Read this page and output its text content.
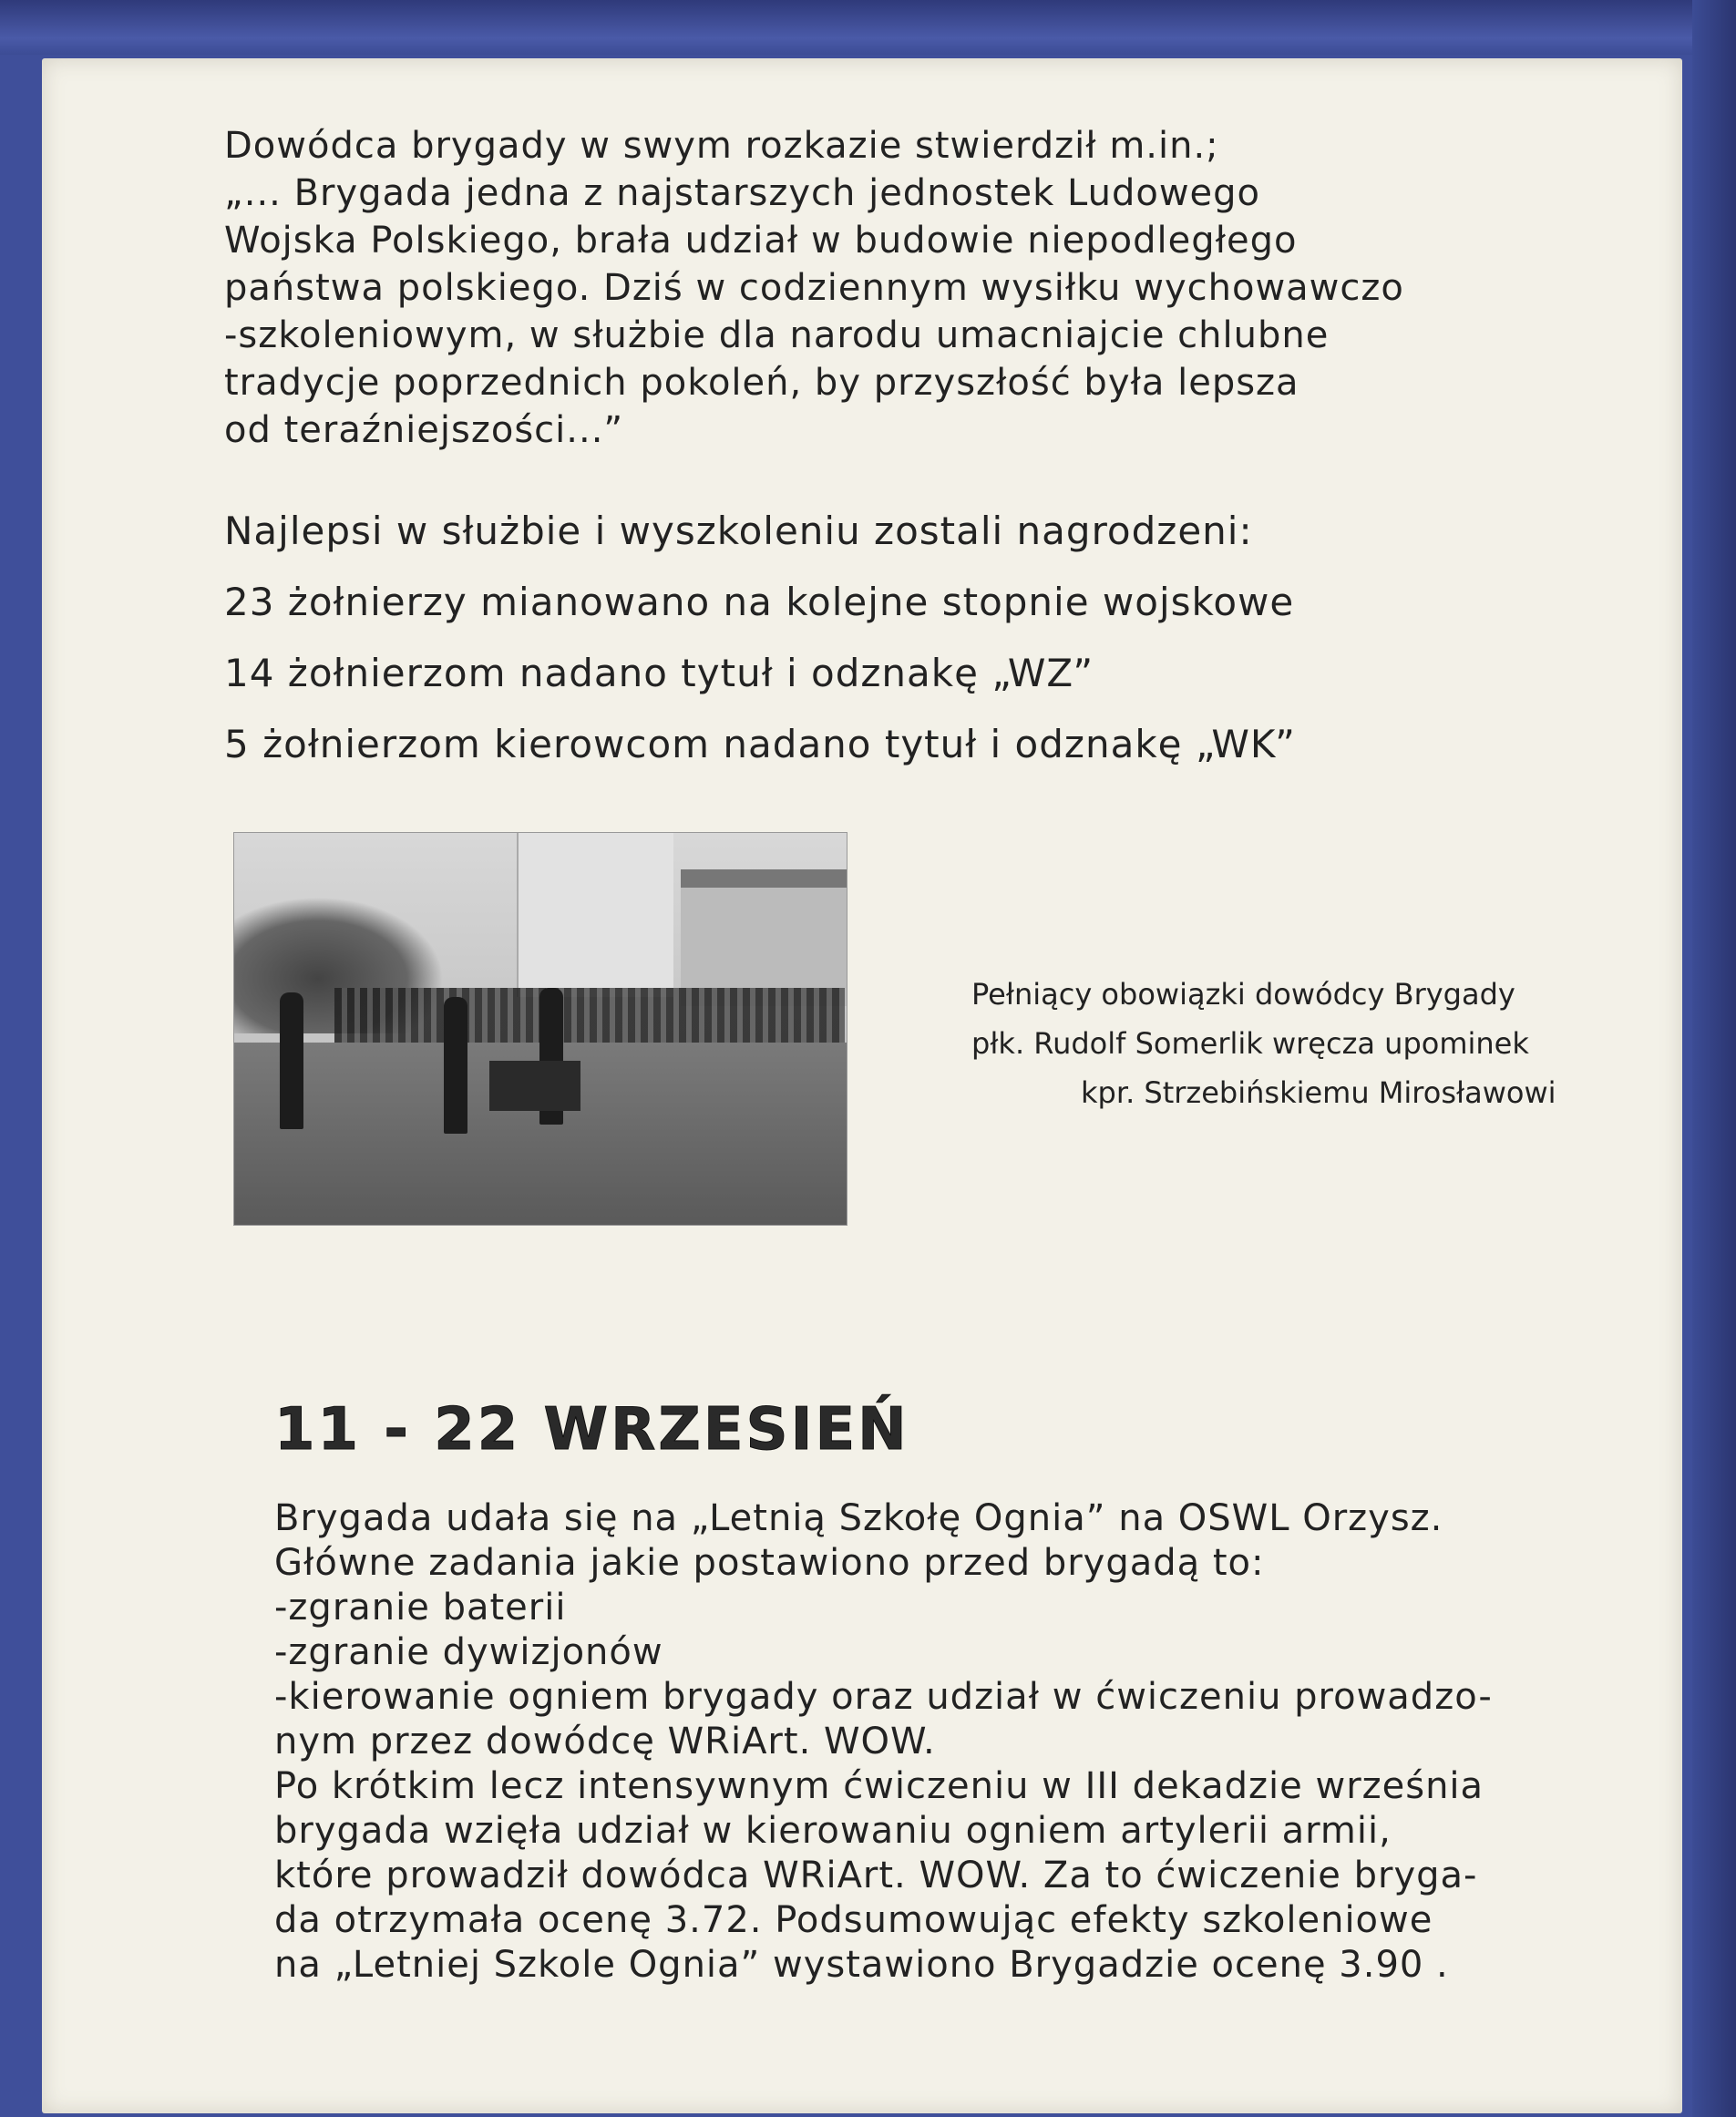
Dowódca brygady w swym rozkazie stwierdził m.in.;
„... Brygada jedna z najstarszych jednostek Ludowego
Wojska Polskiego, brała udział w budowie niepodległego
państwa polskiego. Dziś w codziennym wysiłku wychowawczo
-szkoleniowym, w służbie dla narodu umacniajcie chlubne
tradycje poprzednich pokoleń, by przyszłość była lepsza
od teraźniejszości...”
Najlepsi w służbie i wyszkoleniu zostali nagrodzeni:
23 żołnierzy mianowano na kolejne stopnie wojskowe
14 żołnierzom nadano tytuł i odznakę „WZ”
5 żołnierzom kierowcom nadano tytuł i odznakę „WK”
Pełniący obowiązki dowódcy Brygady
płk. Rudolf Somerlik wręcza upominek
kpr. Strzebińskiemu Mirosławowi
11 - 22 WRZESIEŃ
Brygada udała się na „Letnią Szkołę Ognia” na OSWL Orzysz.
Główne zadania jakie postawiono przed brygadą to:
-zgranie baterii
-zgranie dywizjonów
-kierowanie ogniem brygady oraz udział w ćwiczeniu prowadzo-
nym przez dowódcę WRiArt. WOW.
Po krótkim lecz intensywnym ćwiczeniu w III dekadzie września
brygada wzięła udział w kierowaniu ogniem artylerii armii,
które prowadził dowódca WRiArt. WOW. Za to ćwiczenie bryga-
da otrzymała ocenę 3.72. Podsumowując efekty szkoleniowe
na „Letniej Szkole Ognia” wystawiono Brygadzie ocenę 3.90 .
